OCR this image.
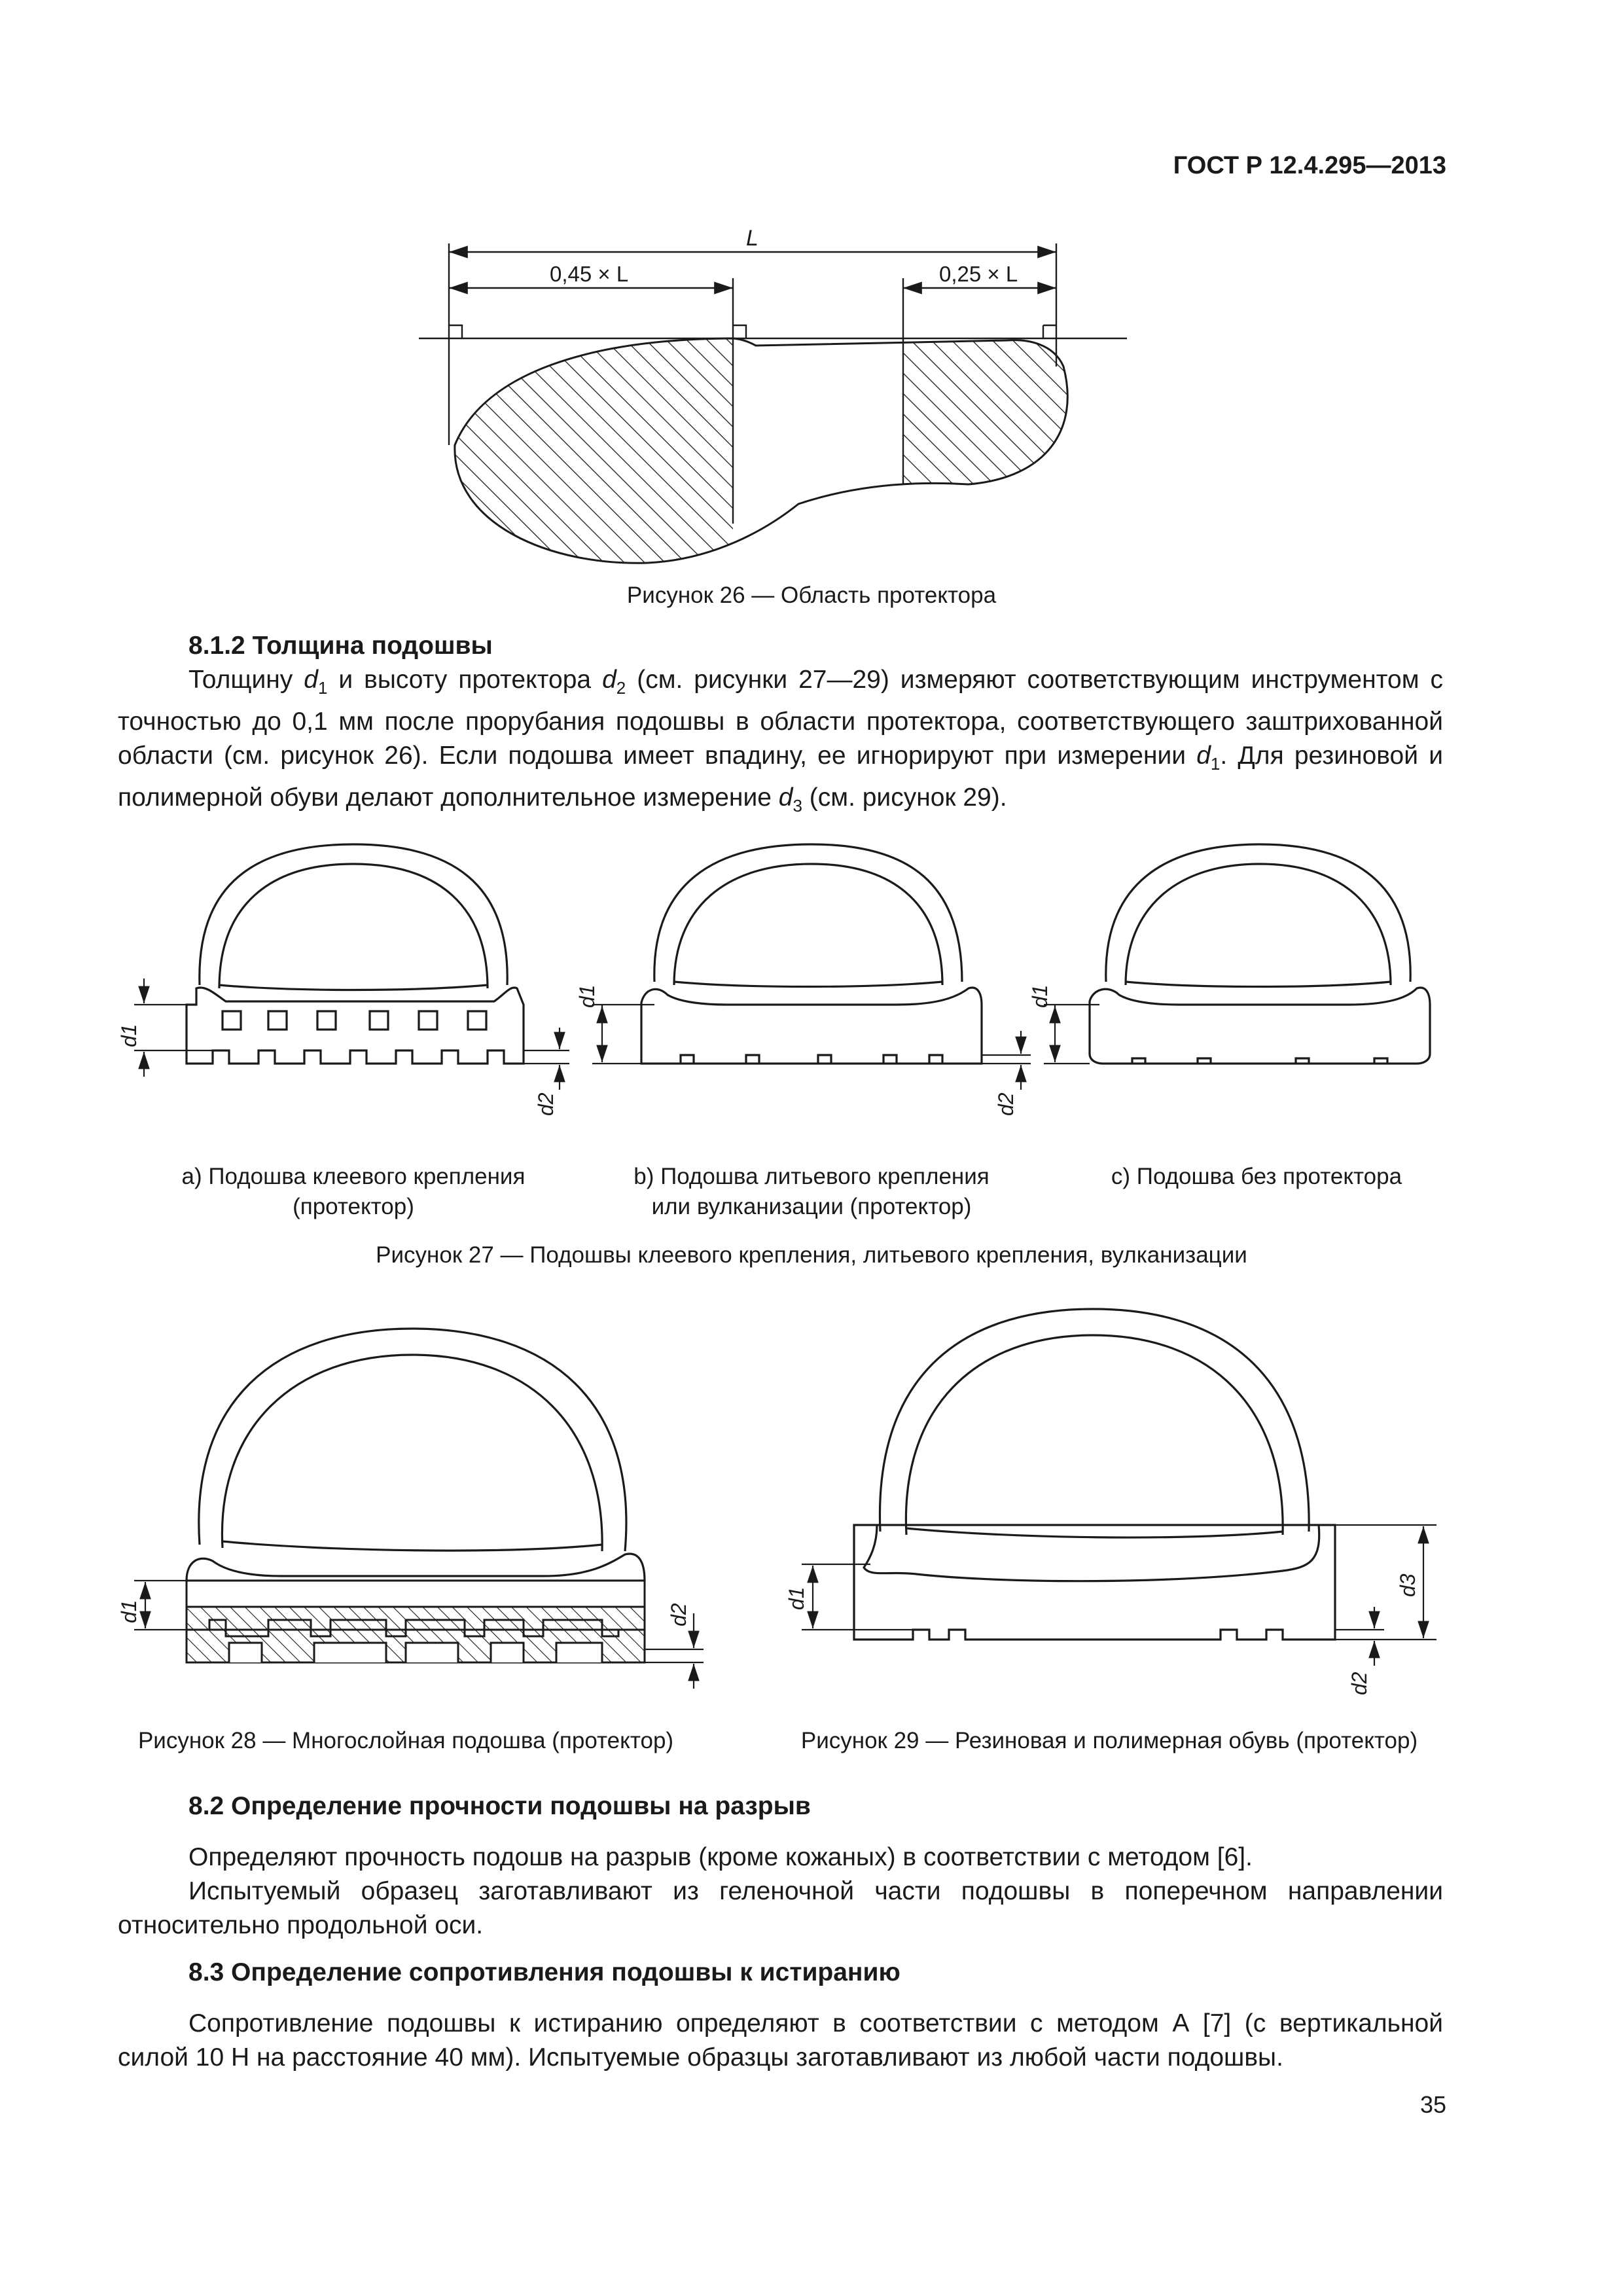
ГОСТ Р 12.4.295—2013
L
0,45 × L	0,25 × L
Рисунок 26 — Область протектора
8.1.2 Толщина подошвы

Толщину $d_1$ и высоту протектора $d_2$ (см. рисунки 27—29) измеряют соответствующим инструментом с точностью до 0,1 мм после прорубания подошвы в области протектора, соответствующего заштрихованной области (см. рисунок 26). Если подошва имеет впадину, ее игнорируют при измерении $d_1$. Для резиновой и полимерной обуви делают дополнительное измерение $d_3$ (см. рисунок 29).

d1
d2
d1
d2
d1
а) Подошва клеевого крепления
(протектор)
b) Подошва литьевого крепления
или вулканизации (протектор)
с) Подошва без протектора
Рисунок 27 — Подошвы клеевого крепления, литьевого крепления, вулканизации
d1	d2
d1
d2
d3
Рисунок 28 — Многослойная подошва (протектор)	Рисунок 29 — Резиновая и полимерная обувь (протектор)
8.2 Определение прочности подошвы на разрыв

Определяют прочность подошв на разрыв (кроме кожаных) в соответствии с методом [6].

Испытуемый образец заготавливают из геленочной части подошвы в поперечном направлении относительно продольной оси.

8.3 Определение сопротивления подошвы к истиранию

Сопротивление подошвы к истиранию определяют в соответствии с методом А [7] (с вертикальной силой 10 Н на расстояние 40 мм). Испытуемые образцы заготавливают из любой части подошвы.

35
